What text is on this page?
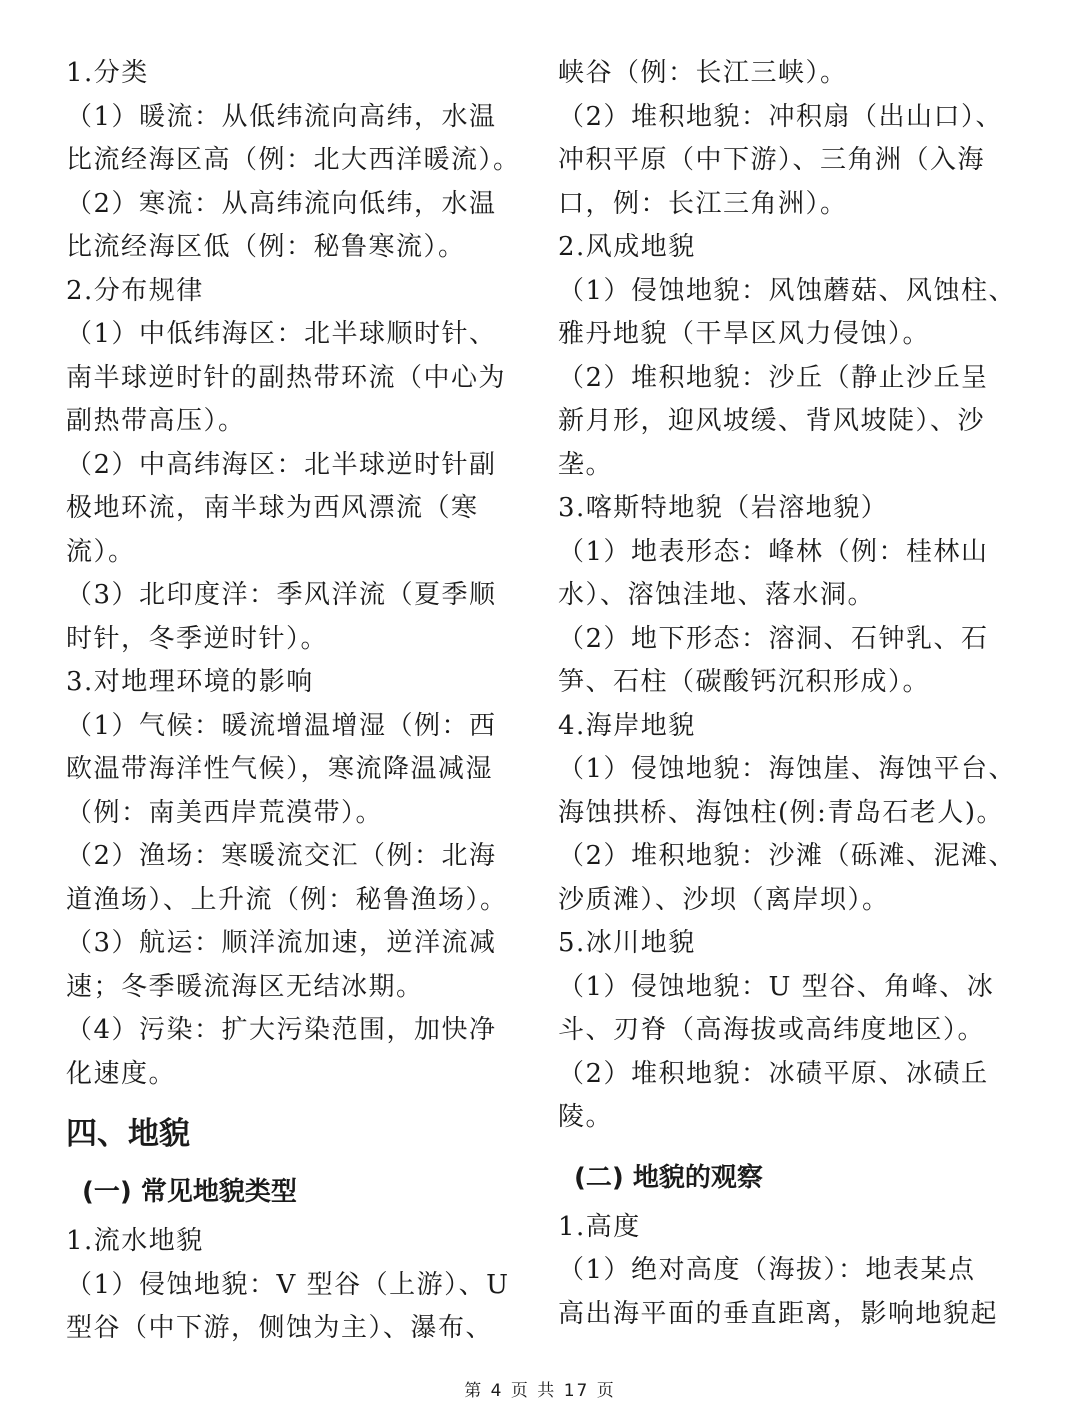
1.分类
（1）暖流：从低纬流向高纬，水温
比流经海区高（例：北大西洋暖流）。
（2）寒流：从高纬流向低纬，水温
比流经海区低（例：秘鲁寒流）。
2.分布规律
（1）中低纬海区：北半球顺时针、
南半球逆时针的副热带环流（中心为
副热带高压）。
（2）中高纬海区：北半球逆时针副
极地环流，南半球为西风漂流（寒
流）。
（3）北印度洋：季风洋流（夏季顺
时针，冬季逆时针）。
3.对地理环境的影响
（1）气候：暖流增温增湿（例：西
欧温带海洋性气候），寒流降温减湿
（例：南美西岸荒漠带）。
（2）渔场：寒暖流交汇（例：北海
道渔场）、上升流（例：秘鲁渔场）。
（3）航运：顺洋流加速，逆洋流减
速；冬季暖流海区无结冰期。
（4）污染：扩大污染范围，加快净
化速度。
四、地貌
(一) 常见地貌类型
1.流水地貌
（1）侵蚀地貌：V 型谷（上游）、U
型谷（中下游，侧蚀为主）、瀑布、
峡谷（例：长江三峡）。
（2）堆积地貌：冲积扇（出山口）、
冲积平原（中下游）、三角洲（入海
口，例：长江三角洲）。
2.风成地貌
（1）侵蚀地貌：风蚀蘑菇、风蚀柱、
雅丹地貌（干旱区风力侵蚀）。
（2）堆积地貌：沙丘（静止沙丘呈
新月形，迎风坡缓、背风坡陡）、沙
垄。
3.喀斯特地貌（岩溶地貌）
（1）地表形态：峰林（例：桂林山
水）、溶蚀洼地、落水洞。
（2）地下形态：溶洞、石钟乳、石
笋、石柱（碳酸钙沉积形成）。
4.海岸地貌
（1）侵蚀地貌：海蚀崖、海蚀平台、
海蚀拱桥、海蚀柱(例:青岛石老人)。
（2）堆积地貌：沙滩（砾滩、泥滩、
沙质滩）、沙坝（离岸坝）。
5.冰川地貌
（1）侵蚀地貌：U 型谷、角峰、冰
斗、刃脊（高海拔或高纬度地区）。
（2）堆积地貌：冰碛平原、冰碛丘
陵。
(二) 地貌的观察
1.高度
（1）绝对高度（海拔）：地表某点
高出海平面的垂直距离，影响地貌起
第 4 页 共 17 页
